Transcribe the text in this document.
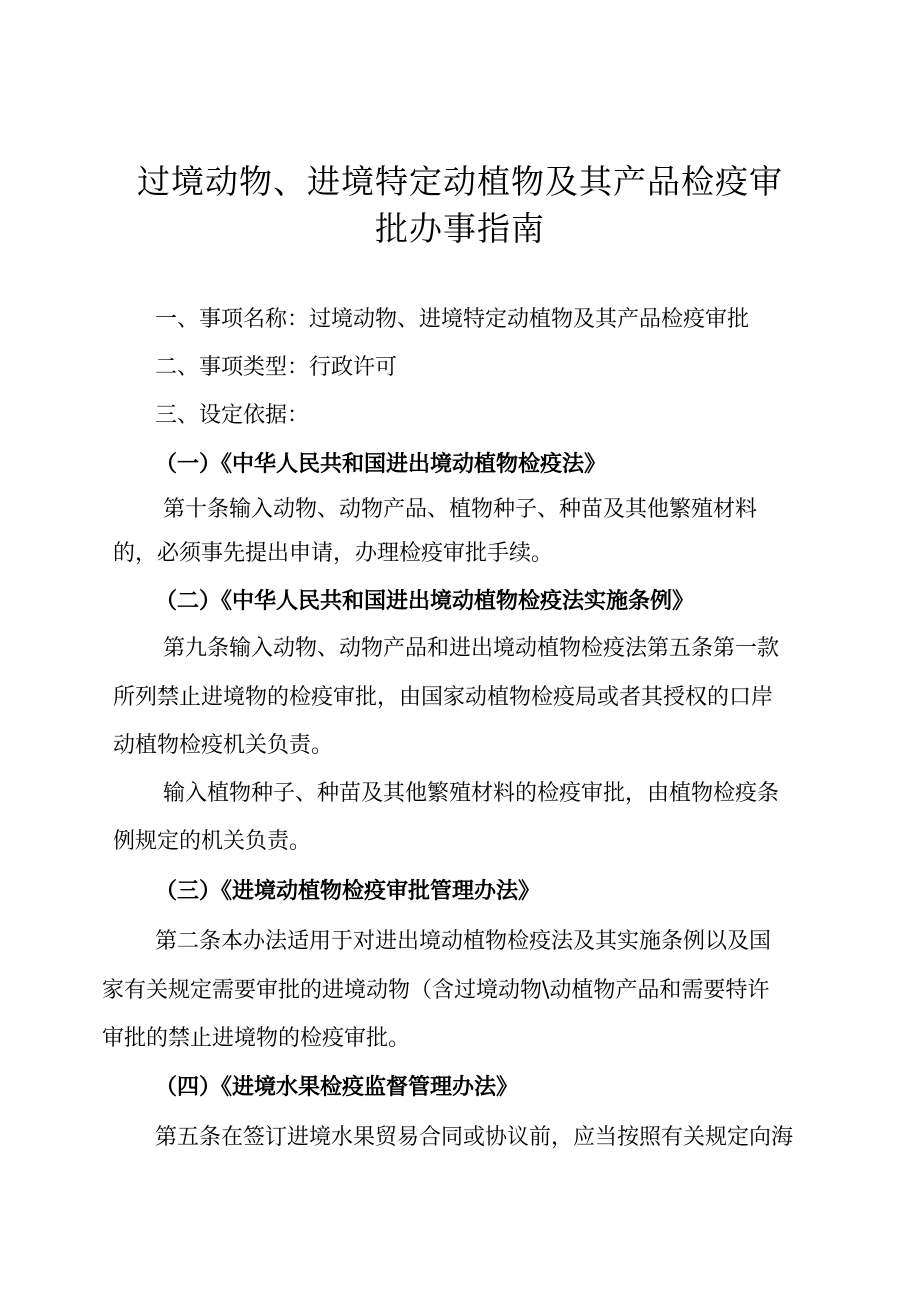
过境动物、进境特定动植物及其产品检疫审
批办事指南
一、事项名称：过境动物、进境特定动植物及其产品检疫审批
二、事项类型：行政许可
三、设定依据：
（一）《中华人民共和国进出境动植物检疫法》
第十条输入动物、动物产品、植物种子、种苗及其他繁殖材料
的，必须事先提出申请，办理检疫审批手续。
（二）《中华人民共和国进出境动植物检疫法实施条例》
第九条输入动物、动物产品和进出境动植物检疫法第五条第一款
所列禁止进境物的检疫审批，由国家动植物检疫局或者其授权的口岸
动植物检疫机关负责。
输入植物种子、种苗及其他繁殖材料的检疫审批，由植物检疫条
例规定的机关负责。
（三）《进境动植物检疫审批管理办法》
第二条本办法适用于对进出境动植物检疫法及其实施条例以及国
家有关规定需要审批的进境动物（含过境动物\动植物产品和需要特许
审批的禁止进境物的检疫审批。
（四）《进境水果检疫监督管理办法》
第五条在签订进境水果贸易合同或协议前，应当按照有关规定向海
